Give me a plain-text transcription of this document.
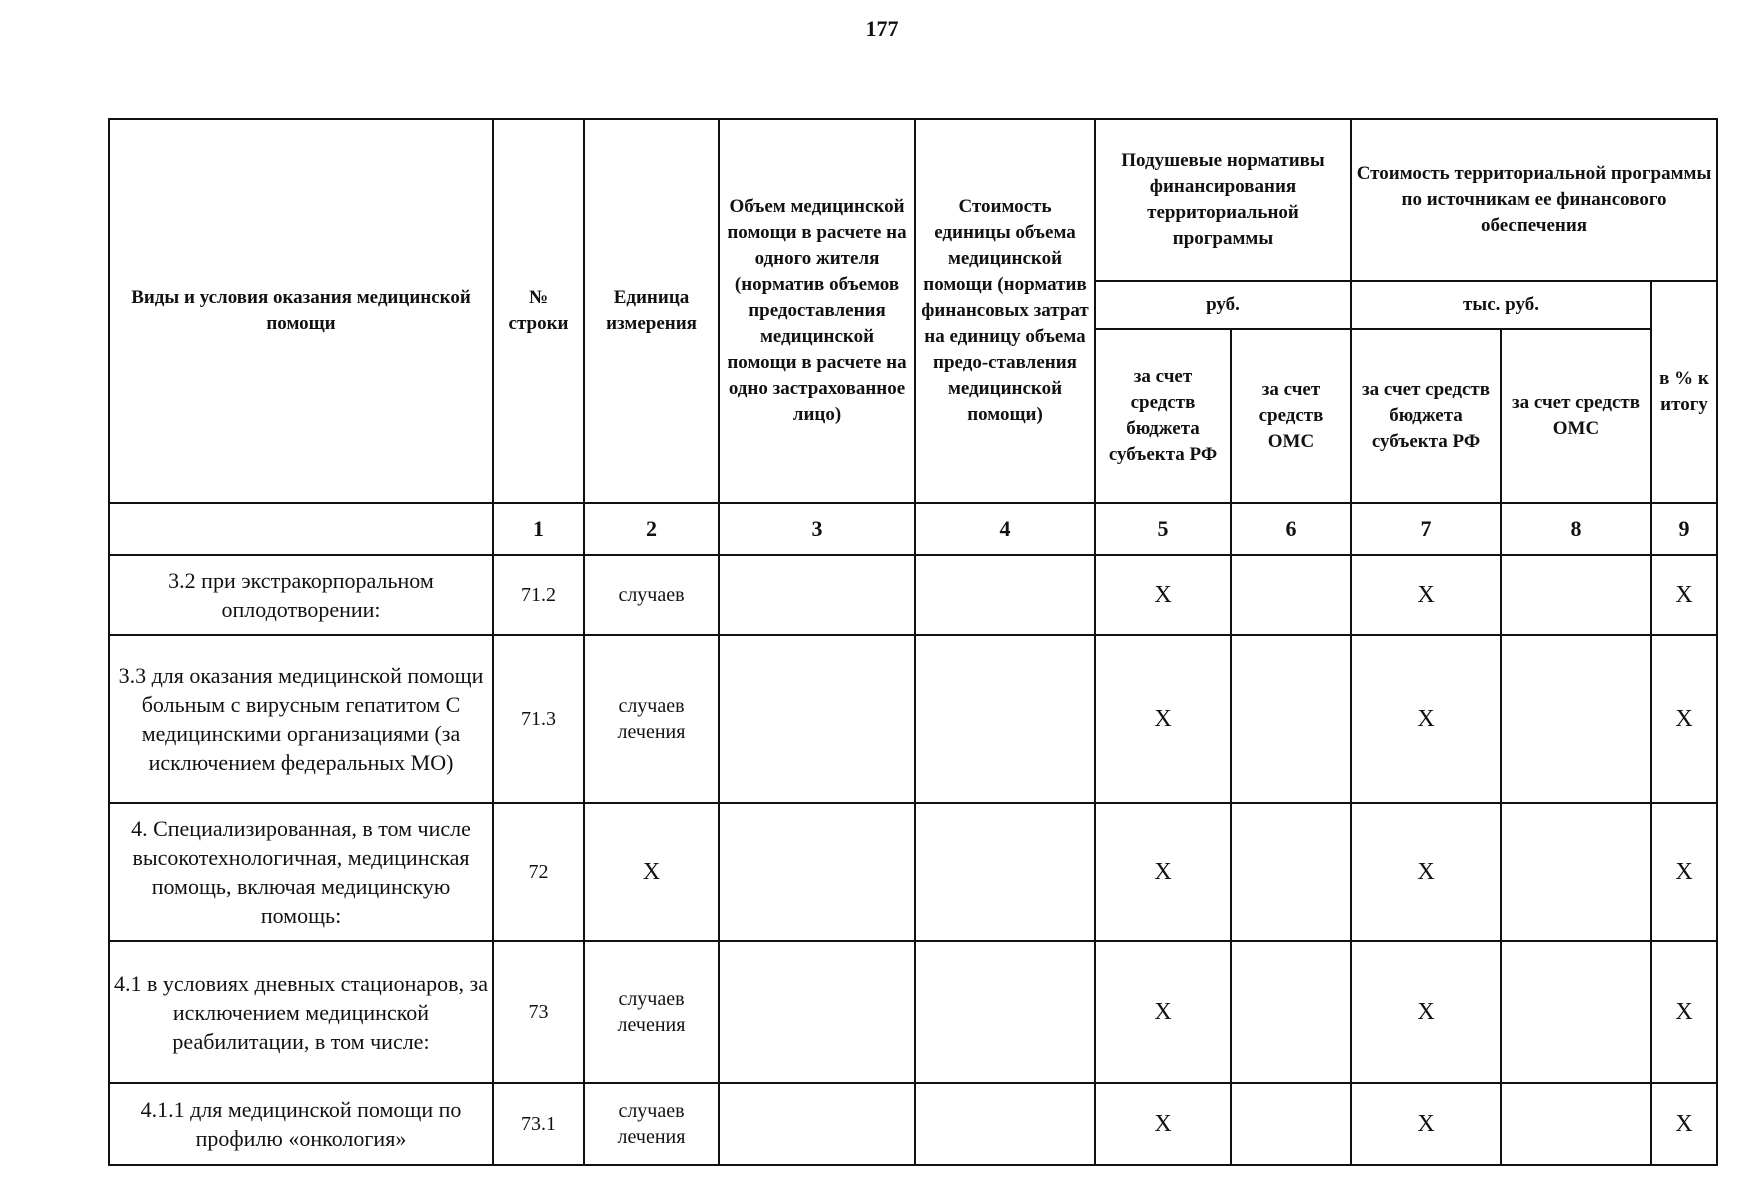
177
Виды и условия оказания медицинской помощи	№ строки	Единица измерения	Объем медицинской помощи в расчете на одного жителя (норматив объемов предоставления медицинской помощи в расчете на одно застрахованное лицо)	Стоимость единицы объема медицинской помощи (норматив финансовых затрат на единицу объема предо-ставления медицинской помощи)	Подушевые нормативы финансирования территориальной программы		Стоимость территориальной программы по источникам ее финансового обеспечения		
					руб.		тыс. руб.		в % к итогу
					за счет средств бюджета субъекта РФ	за счет средств ОМС	за счет средств бюджета субъекта РФ	за счет средств ОМС	
	1	2	3	4	5	6	7	8	9
3.2 при экстракорпоральном оплодотворении:	71.2	случаев			X		X		X
3.3 для оказания медицинской помощи больным с вирусным гепатитом С медицинскими организациями (за исключением федеральных МО)	71.3	случаев лечения			X		X		X
4. Специализированная, в том числе высокотехнологичная, медицинская помощь, включая медицинскую помощь:	72	X			X		X		X
4.1 в условиях дневных стационаров, за исключением медицинской реабилитации, в том числе:	73	случаев лечения			X		X		X
4.1.1 для медицинской помощи по профилю «онкология»	73.1	случаев лечения			X		X		X
